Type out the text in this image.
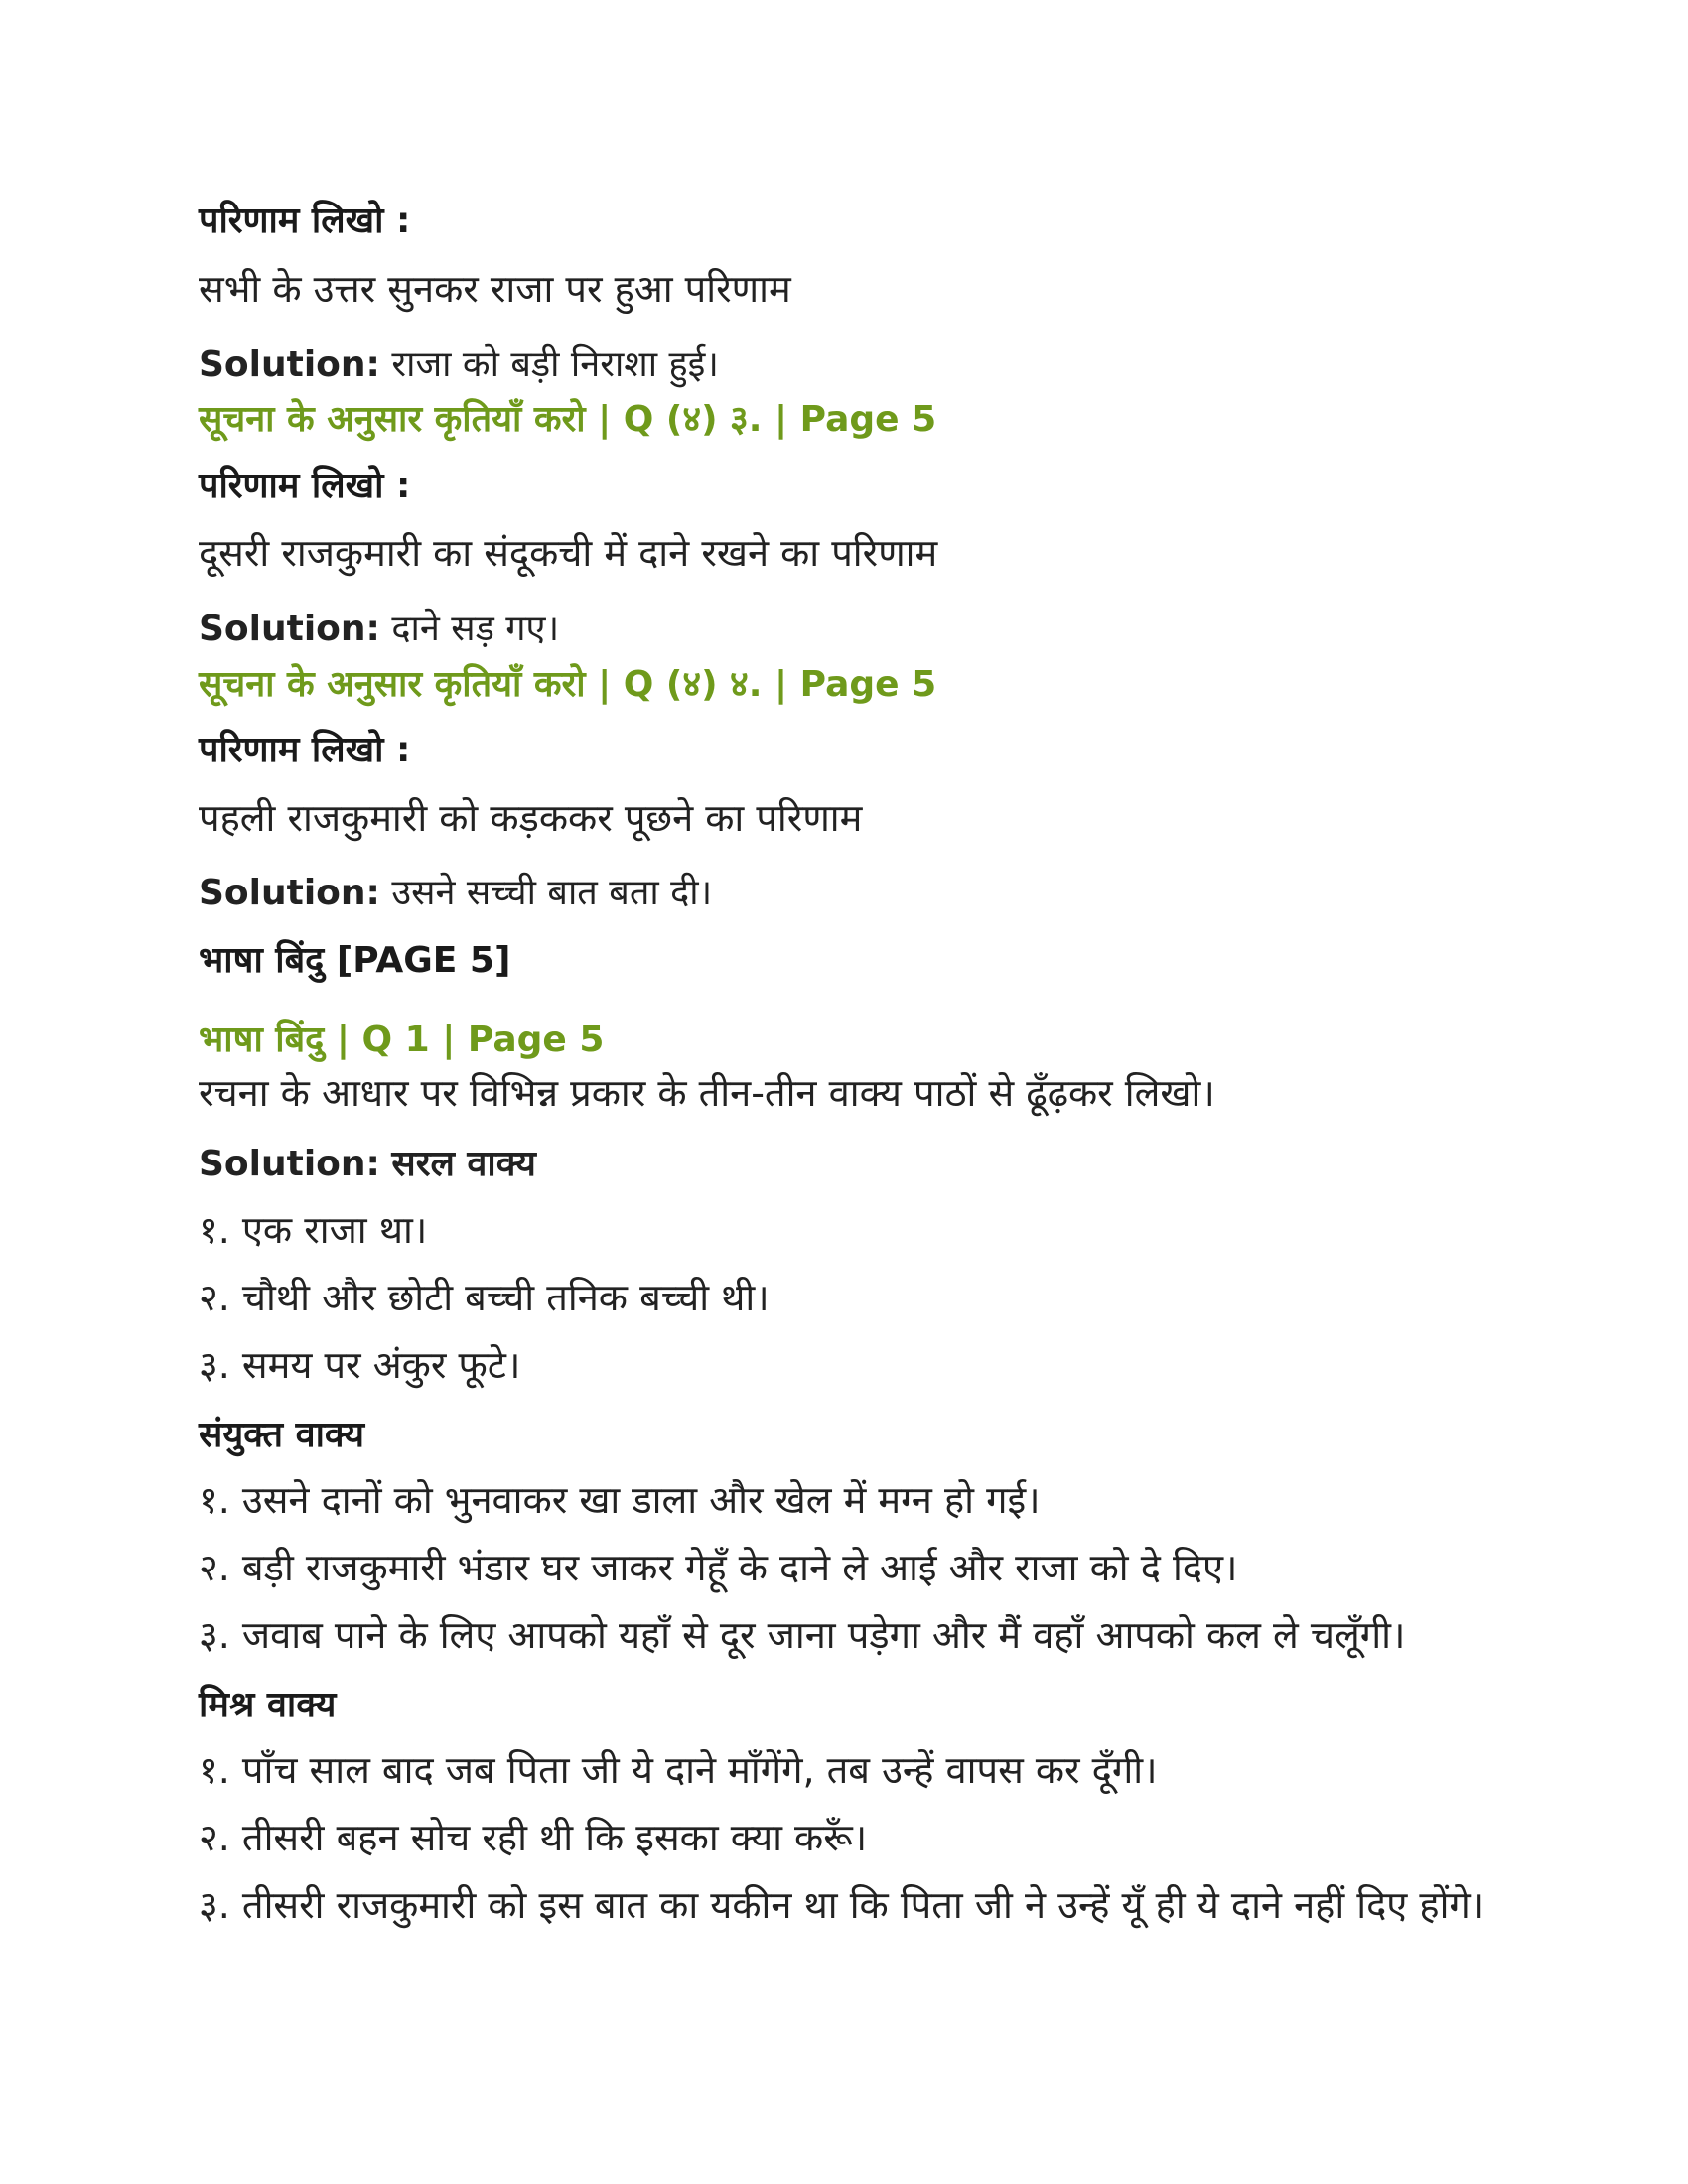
परिणाम लिखो :
सभी के उत्तर सुनकर राजा पर हुआ परिणाम
Solution: राजा को बड़ी निराशा हुई।
सूचना के अनुसार कृतियाँ करो | Q (४) ३. | Page 5
परिणाम लिखो :
दूसरी राजकुमारी का संदूकची में दाने रखने का परिणाम
Solution: दाने सड़ गए।
सूचना के अनुसार कृतियाँ करो | Q (४) ४. | Page 5
परिणाम लिखो :
पहली राजकुमारी को कड़ककर पूछने का परिणाम
Solution: उसने सच्ची बात बता दी।
भाषा बिंदु [PAGE 5]
भाषा बिंदु | Q 1 | Page 5
रचना के आधार पर विभिन्न प्रकार के तीन-तीन वाक्य पाठों से ढूँढ़कर लिखो।
Solution: सरल वाक्य
१. एक राजा था।
२. चौथी और छोटी बच्ची तनिक बच्ची थी।
३. समय पर अंकुर फूटे।
संयुक्त वाक्य
१. उसने दानों को भुनवाकर खा डाला और खेल में मग्न हो गई।
२. बड़ी राजकुमारी भंडार घर जाकर गेहूँ के दाने ले आई और राजा को दे दिए।
३. जवाब पाने के लिए आपको यहाँ से दूर जाना पड़ेगा और मैं वहाँ आपको कल ले चलूँगी।
मिश्र वाक्य
१. पाँच साल बाद जब पिता जी ये दाने माँगेंगे, तब उन्हें वापस कर दूँगी।
२. तीसरी बहन सोच रही थी कि इसका क्या करूँ।
३. तीसरी राजकुमारी को इस बात का यकीन था कि पिता जी ने उन्हें यूँ ही ये दाने नहीं दिए होंगे।
